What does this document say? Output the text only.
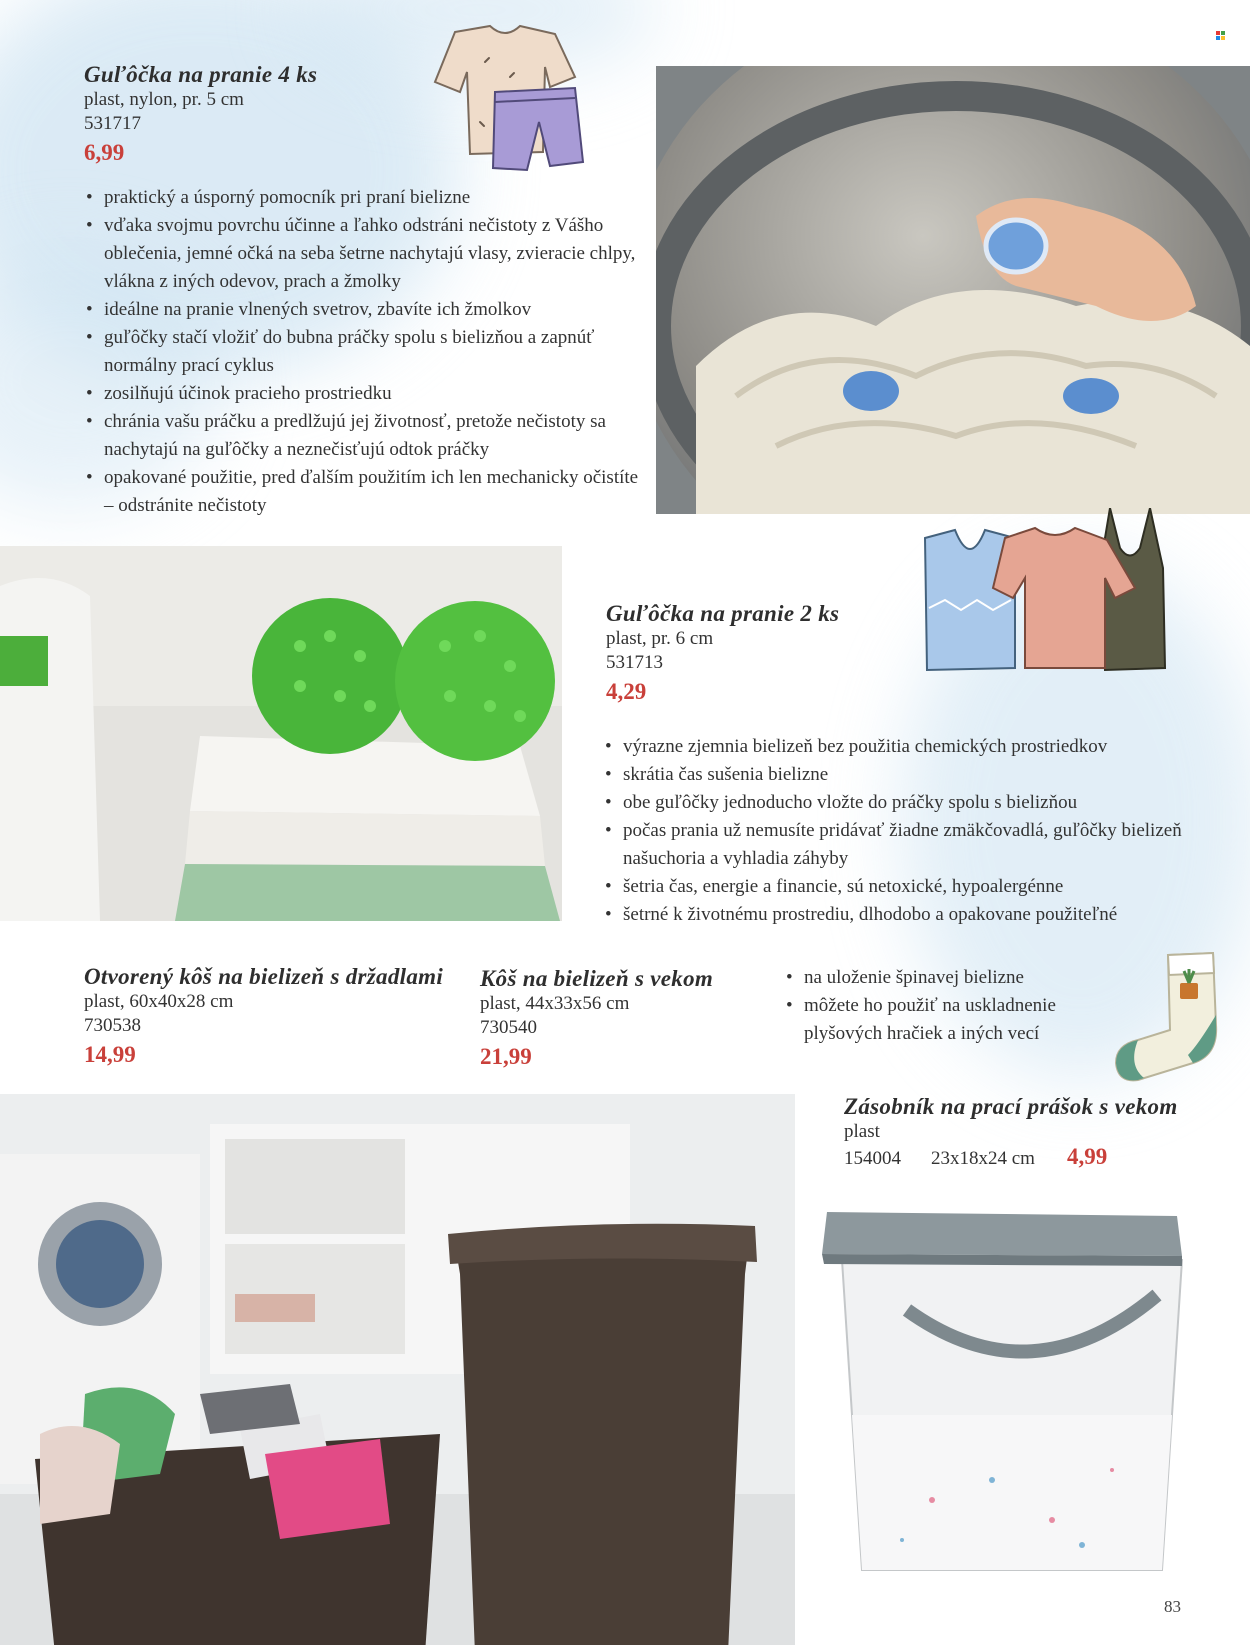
Guľôčka na pranie 4 ks
plast, nylon, pr. 5 cm
531717
6,99
• praktický a úsporný pomocník pri praní bielizne
• vďaka svojmu povrchu účinne a ľahko odstráni nečistoty z Vášho oblečenia, jemné očká na seba šetrne nachytajú vlasy, zvieracie chlpy, vlákna z iných odevov, prach a žmolky
• ideálne na pranie vlnených svetrov, zbavíte ich žmolkov
• guľôčky stačí vložiť do bubna práčky spolu s bielizňou a zapnúť normálny prací cyklus
• zosilňujú účinok pracieho prostriedku
• chránia vašu práčku a predlžujú jej životnosť, pretože nečistoty sa nachytajú na guľôčky a neznečisťujú odtok práčky
• opakované použitie, pred ďalším použitím ich len mechanicky očistíte – odstránite nečistoty
Guľôčka na pranie 2 ks
plast, pr. 6 cm
531713
4,29
• výrazne zjemnia bielizeň bez použitia chemických prostriedkov
• skrátia čas sušenia bielizne
• obe guľôčky jednoducho vložte do práčky spolu s bielizňou
• počas prania už nemusíte pridávať žiadne zmäkčovadlá, guľôčky bielizeň našuchoria a vyhladia záhyby
• šetria čas, energie a financie, sú netoxické, hypoalergénne
• šetrné k životnému prostrediu, dlhodobo a opakovane použiteľné
Otvorený kôš na bielizeň s držadlami
plast, 60x40x28 cm
730538
14,99
Kôš na bielizeň s vekom
plast, 44x33x56 cm
730540
21,99
• na uloženie špinavej bielizne
• môžete ho použiť na uskladnenie plyšových hračiek a iných vecí
Zásobník na prací prášok s vekom
plast
154004 23x18x24 cm 4,99
83
